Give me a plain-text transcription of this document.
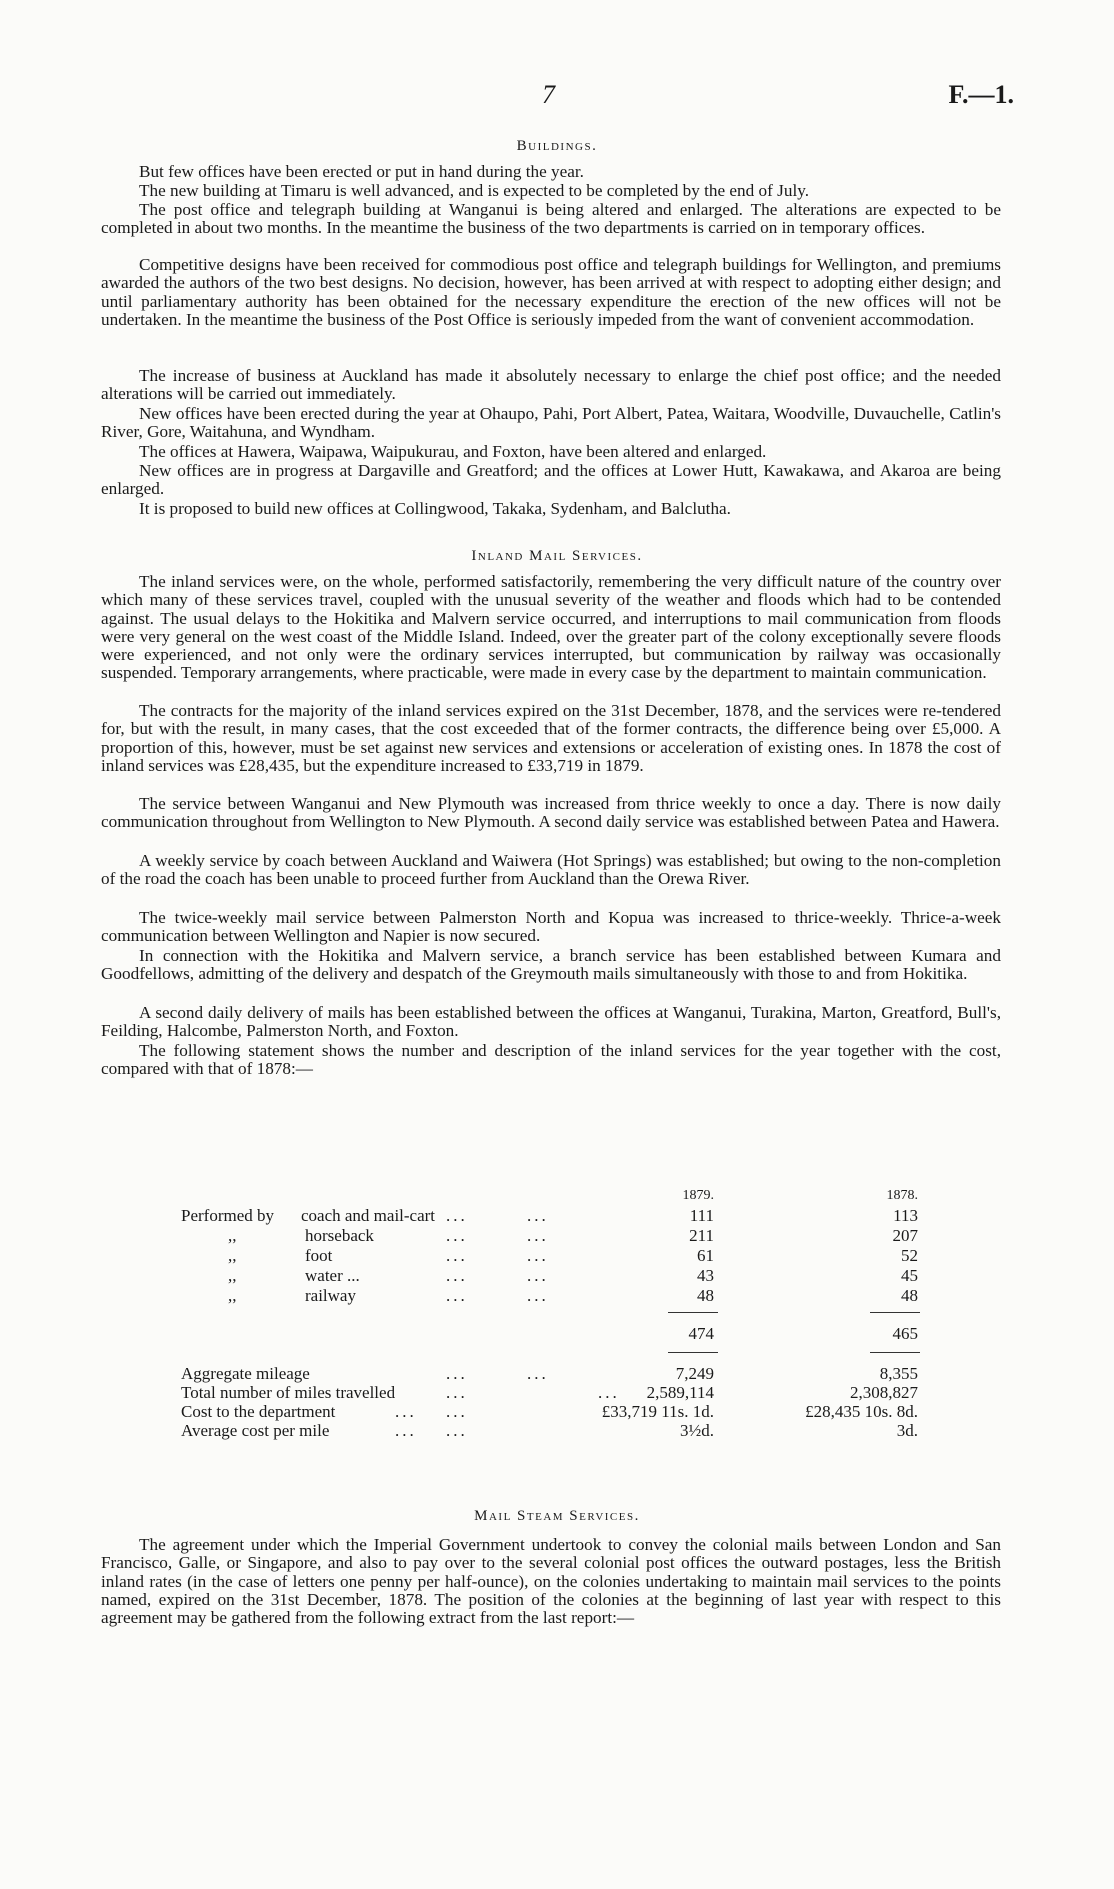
7	F.—1.
Buildings.

But few offices have been erected or put in hand during the year.

The new building at Timaru is well advanced, and is expected to be completed by the end of July.

The post office and telegraph building at Wanganui is being altered and enlarged. The alterations are expected to be completed in about two months. In the meantime the business of the two departments is carried on in temporary offices.

Competitive designs have been received for commodious post office and telegraph buildings for Wellington, and premiums awarded the authors of the two best designs. No decision, however, has been arrived at with respect to adopting either design; and until parliamentary authority has been obtained for the necessary expenditure the erection of the new offices will not be undertaken. In the meantime the business of the Post Office is seriously impeded from the want of convenient accommodation.

The increase of business at Auckland has made it absolutely necessary to enlarge the chief post office; and the needed alterations will be carried out immediately.

New offices have been erected during the year at Ohaupo, Pahi, Port Albert, Patea, Waitara, Woodville, Duvauchelle, Catlin's River, Gore, Waitahuna, and Wyndham.

The offices at Hawera, Waipawa, Waipukurau, and Foxton, have been altered and enlarged.

New offices are in progress at Dargaville and Greatford; and the offices at Lower Hutt, Kawakawa, and Akaroa are being enlarged.

It is proposed to build new offices at Collingwood, Takaka, Sydenham, and Balclutha.

Inland Mail Services.

The inland services were, on the whole, performed satisfactorily, remembering the very difficult nature of the country over which many of these services travel, coupled with the unusual severity of the weather and floods which had to be contended against. The usual delays to the Hokitika and Malvern service occurred, and interruptions to mail communication from floods were very general on the west coast of the Middle Island. Indeed, over the greater part of the colony exceptionally severe floods were experienced, and not only were the ordinary services interrupted, but communication by railway was occasionally suspended. Temporary arrangements, where practicable, were made in every case by the department to maintain communication.

The contracts for the majority of the inland services expired on the 31st December, 1878, and the services were re-tendered for, but with the result, in many cases, that the cost exceeded that of the former contracts, the difference being over £5,000. A proportion of this, however, must be set against new services and extensions or acceleration of existing ones. In 1878 the cost of inland services was £28,435, but the expenditure increased to £33,719 in 1879.

The service between Wanganui and New Plymouth was increased from thrice weekly to once a day. There is now daily communication throughout from Wellington to New Plymouth. A second daily service was established between Patea and Hawera.

A weekly service by coach between Auckland and Waiwera (Hot Springs) was established; but owing to the non-completion of the road the coach has been unable to proceed further from Auckland than the Orewa River.

The twice-weekly mail service between Palmerston North and Kopua was increased to thrice-weekly. Thrice-a-week communication between Wellington and Napier is now secured.

In connection with the Hokitika and Malvern service, a branch service has been established between Kumara and Goodfellows, admitting of the delivery and despatch of the Greymouth mails simultaneously with those to and from Hokitika.

A second daily delivery of mails has been established between the offices at Wanganui, Turakina, Marton, Greatford, Bull's, Feilding, Halcombe, Palmerston North, and Foxton.

The following statement shows the number and description of the inland services for the year together with the cost, compared with that of 1878:—

1879.	1878.
Performed by coach and mail-cart ...	...	111	113
,,	horseback	...	...	211	207
,,	foot	...	...	61	52
,,	water ...	...	...	43	45
,,	railway	...	...	48	48
474	465
Aggregate mileage	...	...	7,249	8,355
Total number of miles travelled	...	... 2,589,114	2,308,827
Cost to the department	... ...	£33,719 11s. 1d.	£28,435 10s. 8d.
Average cost per mile	... ...	3½d.	3d.
Mail Steam Services.

The agreement under which the Imperial Government undertook to convey the colonial mails between London and San Francisco, Galle, or Singapore, and also to pay over to the several colonial post offices the outward postages, less the British inland rates (in the case of letters one penny per half-ounce), on the colonies undertaking to maintain mail services to the points named, expired on the 31st December, 1878. The position of the colonies at the beginning of last year with respect to this agreement may be gathered from the following extract from the last report:—
